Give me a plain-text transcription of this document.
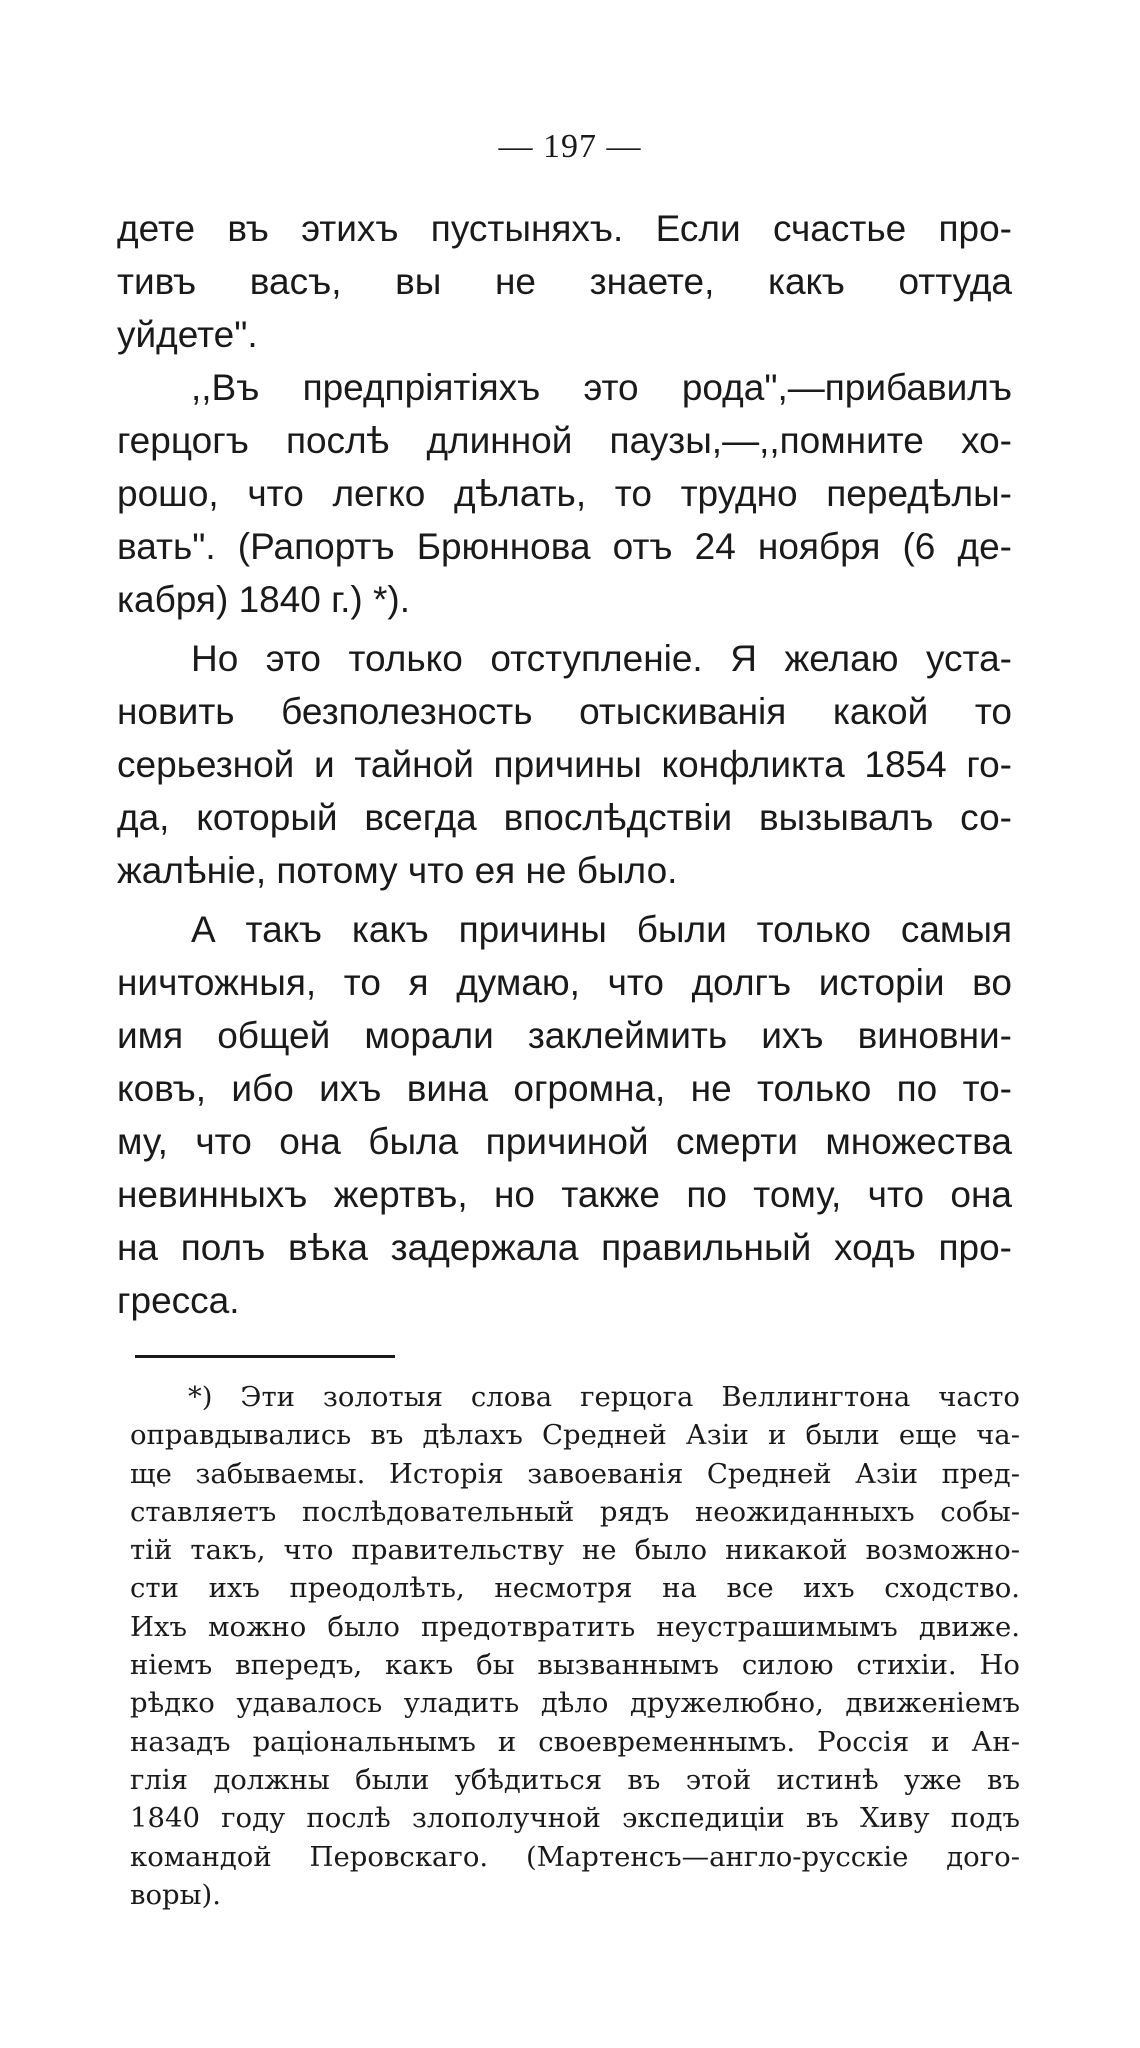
— 197 —
дете въ этихъ пустыняхъ. Если счастье про-
тивъ васъ, вы не знаете, какъ оттуда
уйдете".
,,Въ предпріятіяхъ это рода",—прибавилъ
герцогъ послѣ длинной паузы,—,,помните хо-
рошо, что легко дѣлать, то трудно передѣлы-
вать". (Рапортъ Брюннова отъ 24 ноября (6 де-
кабря) 1840 г.) *).
Но это только отступленіе. Я желаю уста-
новить безполезность отыскиванія какой то
серьезной и тайной причины конфликта 1854 го-
да, который всегда впослѣдствіи вызывалъ со-
жалѣніе, потому что ея не было.
А такъ какъ причины были только самыя
ничтожныя, то я думаю, что долгъ исторіи во
имя общей морали заклеймить ихъ виновни-
ковъ, ибо ихъ вина огромна, не только по то-
му, что она была причиной смерти множества
невинныхъ жертвъ, но также по тому, что она
на полъ вѣка задержала правильный ходъ про-
гресса.
*) Эти золотыя слова герцога Веллингтона часто
оправдывались въ дѣлахъ Средней Азіи и были еще ча-
ще забываемы. Исторія завоеванія Средней Азіи пред-
ставляетъ послѣдовательный рядъ неожиданныхъ собы-
тій такъ, что правительству не было никакой возможно-
сти ихъ преодолѣть, несмотря на все ихъ сходство.
Ихъ можно было предотвратить неустрашимымъ движе.
ніемъ впередъ, какъ бы вызваннымъ силою стихіи. Но
рѣдко удавалось уладить дѣло дружелюбно, движеніемъ
назадъ раціональнымъ и своевременнымъ. Россія и Ан-
глія должны были убѣдиться въ этой истинѣ уже въ
1840 году послѣ злополучной экспедиціи въ Хиву подъ
командой Перовскаго. (Мартенсъ—англо-русскіе дого-
воры).
